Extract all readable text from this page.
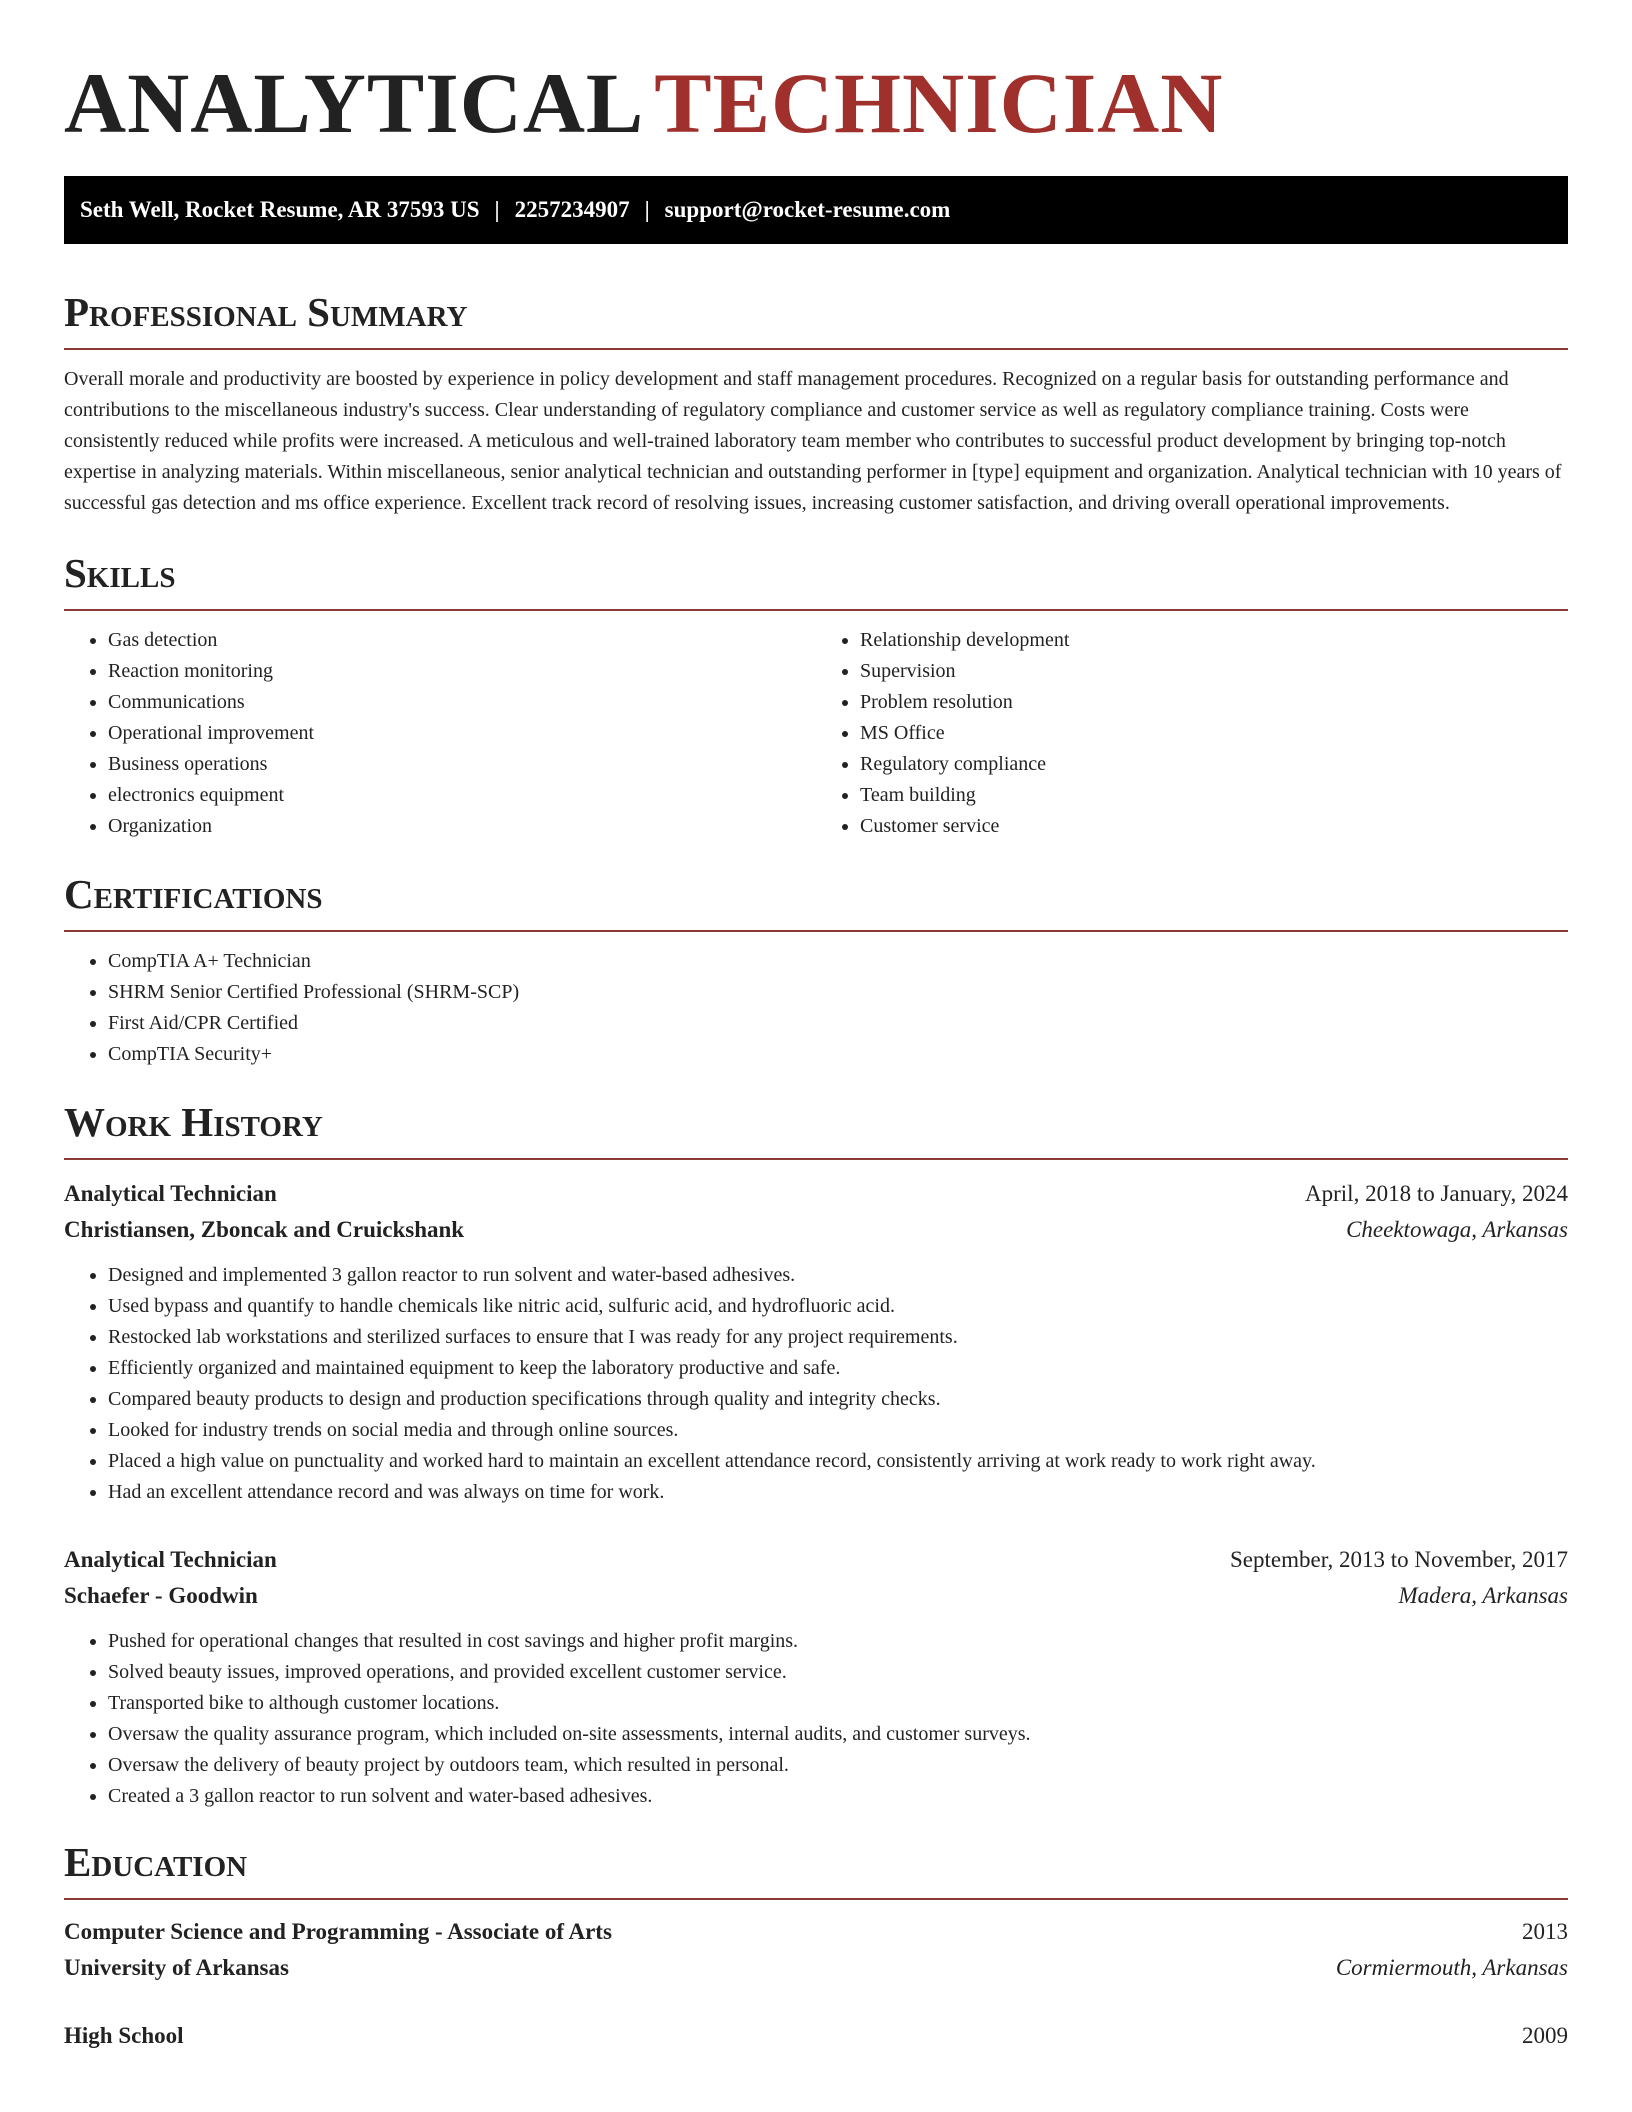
ANALYTICAL TECHNICIAN
Seth Well, Rocket Resume, AR 37593 US | 2257234907 | support@rocket-resume.com
Professional Summary

Overall morale and productivity are boosted by experience in policy development and staff management procedures. Recognized on a regular basis for outstanding performance and contributions to the miscellaneous industry's success. Clear understanding of regulatory compliance and customer service as well as regulatory compliance training. Costs were consistently reduced while profits were increased. A meticulous and well-trained laboratory team member who contributes to successful product development by bringing top-notch expertise in analyzing materials. Within miscellaneous, senior analytical technician and outstanding performer in [type] equipment and organization. Analytical technician with 10 years of successful gas detection and ms office experience. Excellent track record of resolving issues, increasing customer satisfaction, and driving overall operational improvements.

Skills
• Gas detection
• Reaction monitoring
• Communications
• Operational improvement
• Business operations
• electronics equipment
• Organization
• Relationship development
• Supervision
• Problem resolution
• MS Office
• Regulatory compliance
• Team building
• Customer service
Certifications
• CompTIA A+ Technician
• SHRM Senior Certified Professional (SHRM-SCP)
• First Aid/CPR Certified
• CompTIA Security+
Work History
Analytical Technician	April, 2018 to January, 2024
Christiansen, Zboncak and Cruickshank	Cheektowaga, Arkansas
• Designed and implemented 3 gallon reactor to run solvent and water-based adhesives.
• Used bypass and quantify to handle chemicals like nitric acid, sulfuric acid, and hydrofluoric acid.
• Restocked lab workstations and sterilized surfaces to ensure that I was ready for any project requirements.
• Efficiently organized and maintained equipment to keep the laboratory productive and safe.
• Compared beauty products to design and production specifications through quality and integrity checks.
• Looked for industry trends on social media and through online sources.
• Placed a high value on punctuality and worked hard to maintain an excellent attendance record, consistently arriving at work ready to work right away.
• Had an excellent attendance record and was always on time for work.
Analytical Technician	September, 2013 to November, 2017
Schaefer - Goodwin	Madera, Arkansas
• Pushed for operational changes that resulted in cost savings and higher profit margins.
• Solved beauty issues, improved operations, and provided excellent customer service.
• Transported bike to although customer locations.
• Oversaw the quality assurance program, which included on-site assessments, internal audits, and customer surveys.
• Oversaw the delivery of beauty project by outdoors team, which resulted in personal.
• Created a 3 gallon reactor to run solvent and water-based adhesives.
Education
Computer Science and Programming - Associate of Arts	2013
University of Arkansas	Cormiermouth, Arkansas
High School	2009
